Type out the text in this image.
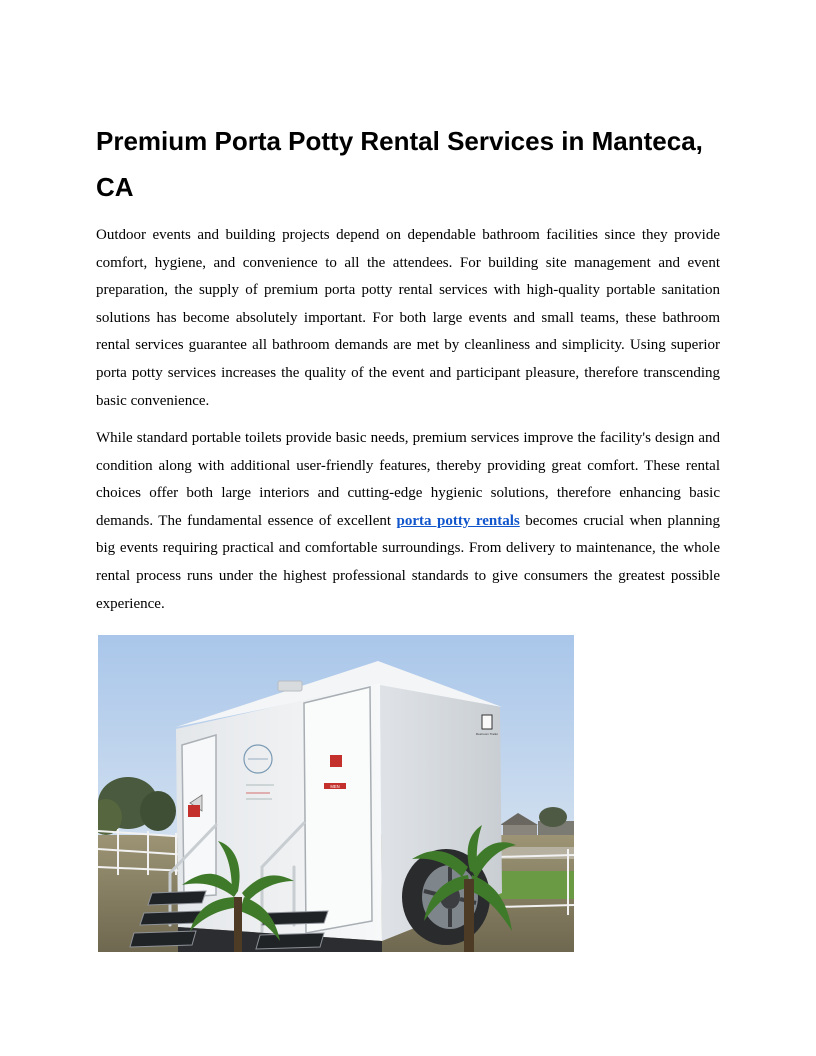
Premium Porta Potty Rental Services in Manteca, CA

Outdoor events and building projects depend on dependable bathroom facilities since they provide comfort, hygiene, and convenience to all the attendees. For building site management and event preparation, the supply of premium porta potty rental services with high-quality portable sanitation solutions has become absolutely important. For both large events and small teams, these bathroom rental services guarantee all bathroom demands are met by cleanliness and simplicity. Using superior porta potty services increases the quality of the event and participant pleasure, therefore transcending basic convenience.

While standard portable toilets provide basic needs, premium services improve the facility's design and condition along with additional user-friendly features, thereby providing great comfort. These rental choices offer both large interiors and cutting-edge hygienic solutions, therefore enhancing basic demands. The fundamental essence of excellent porta potty rentals becomes crucial when planning big events requiring practical and comfortable surroundings. From delivery to maintenance, the whole rental process runs under the highest professional standards to give consumers the greatest possible experience.

MEN
Restroom Trailer
